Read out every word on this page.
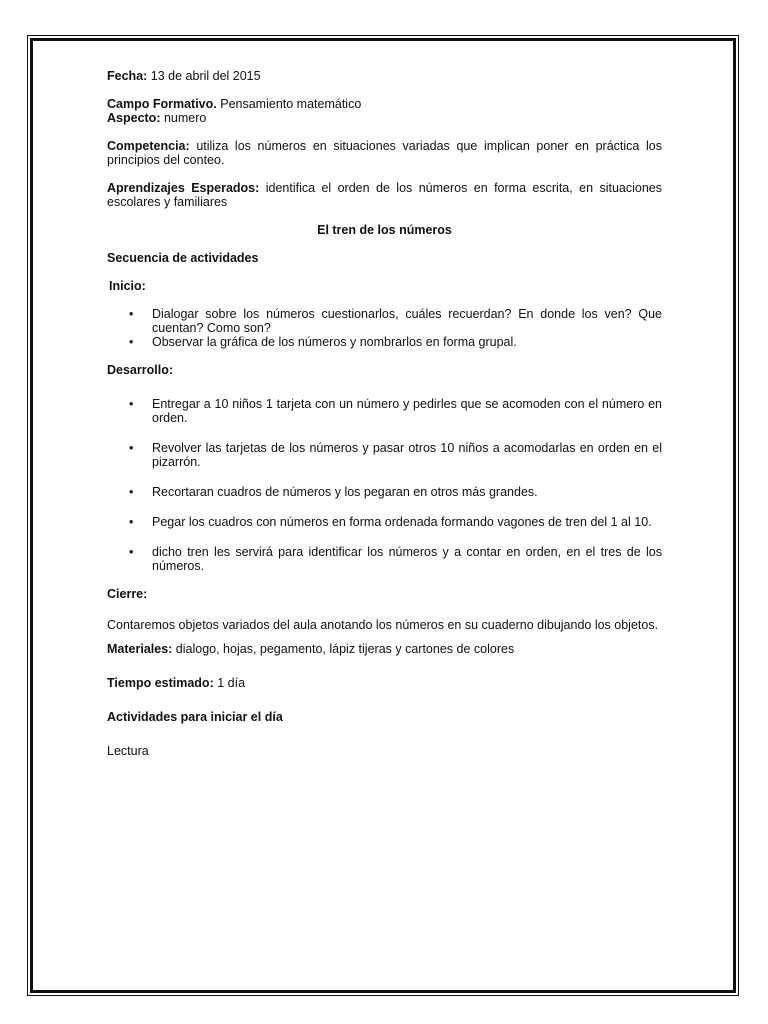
Fecha: 13 de abril del 2015

Campo Formativo. Pensamiento matemático
Aspecto: numero

Competencia: utiliza los números en situaciones variadas que implican poner en práctica los principios del conteo.

Aprendizajes Esperados: identifica el orden de los números en forma escrita, en situaciones escolares y familiares

El tren de los números
Secuencia de actividades
Inicio:
• Dialogar sobre los números cuestionarlos, cuáles recuerdan? En donde los ven? Que cuentan? Como son?
• Observar la gráfica de los números y nombrarlos en forma grupal.
Desarrollo:
• Entregar a 10 niños 1 tarjeta con un número y pedirles que se acomoden con el número en orden.
• Revolver las tarjetas de los números y pasar otros 10 niños a acomodarlas en orden en el pizarrón.
• Recortaran cuadros de números y los pegaran en otros más grandes.
• Pegar los cuadros con números en forma ordenada formando vagones de tren del 1 al 10.
• dicho tren les servirá para identificar los números y a contar en orden, en el tres de los números.
Cierre:

Contaremos objetos variados del aula anotando los números en su cuaderno dibujando los objetos.

Materiales: dialogo, hojas, pegamento, lápiz tijeras y cartones de colores

Tiempo estimado: 1 día

Actividades para iniciar el día

Lectura
